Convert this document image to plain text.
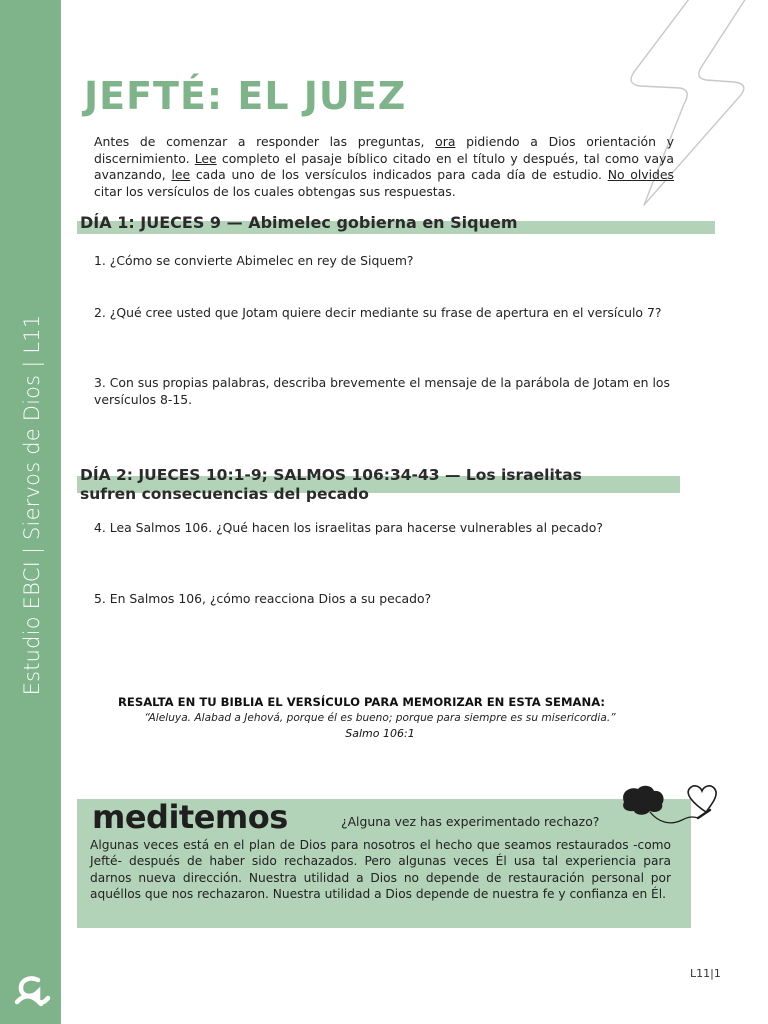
Estudio EBCI | Siervos de Dios | L11
JEFTÉ: EL JUEZ

Antes de comenzar a responder las preguntas, ora pidiendo a Dios orientación y discernimiento. Lee completo el pasaje bíblico citado en el título y después, tal como vaya avanzando, lee cada uno de los versículos indicados para cada día de estudio. No olvides citar los versículos de los cuales obtengas sus respuestas.

DÍA 1: JUECES 9 — Abimelec gobierna en Siquem

1. ¿Cómo se convierte Abimelec en rey de Siquem?

2. ¿Qué cree usted que Jotam quiere decir mediante su frase de apertura en el versículo 7?

3. Con sus propias palabras, describa brevemente el mensaje de la parábola de Jotam en los versículos 8-15.

DÍA 2: JUECES 10:1-9; SALMOS 106:34-43 — Los israelitas
sufren consecuencias del pecado

4. Lea Salmos 106. ¿Qué hacen los israelitas para hacerse vulnerables al pecado?

5. En Salmos 106, ¿cómo reacciona Dios a su pecado?

RESALTA EN TU BIBLIA EL VERSÍCULO PARA MEMORIZAR EN ESTA SEMANA:

“Aleluya. Alabad a Jehová, porque él es bueno; porque para siempre es su misericordia.”

Salmo 106:1

meditemos	¿Alguna vez has experimentado rechazo?

Algunas veces está en el plan de Dios para nosotros el hecho que seamos restaurados -como Jefté- después de haber sido rechazados. Pero algunas veces Él usa tal experiencia para darnos nueva dirección. Nuestra utilidad a Dios no depende de restauración personal por aquéllos que nos rechazaron. Nuestra utilidad a Dios depende de nuestra fe y confianza en Él.

L11|1
